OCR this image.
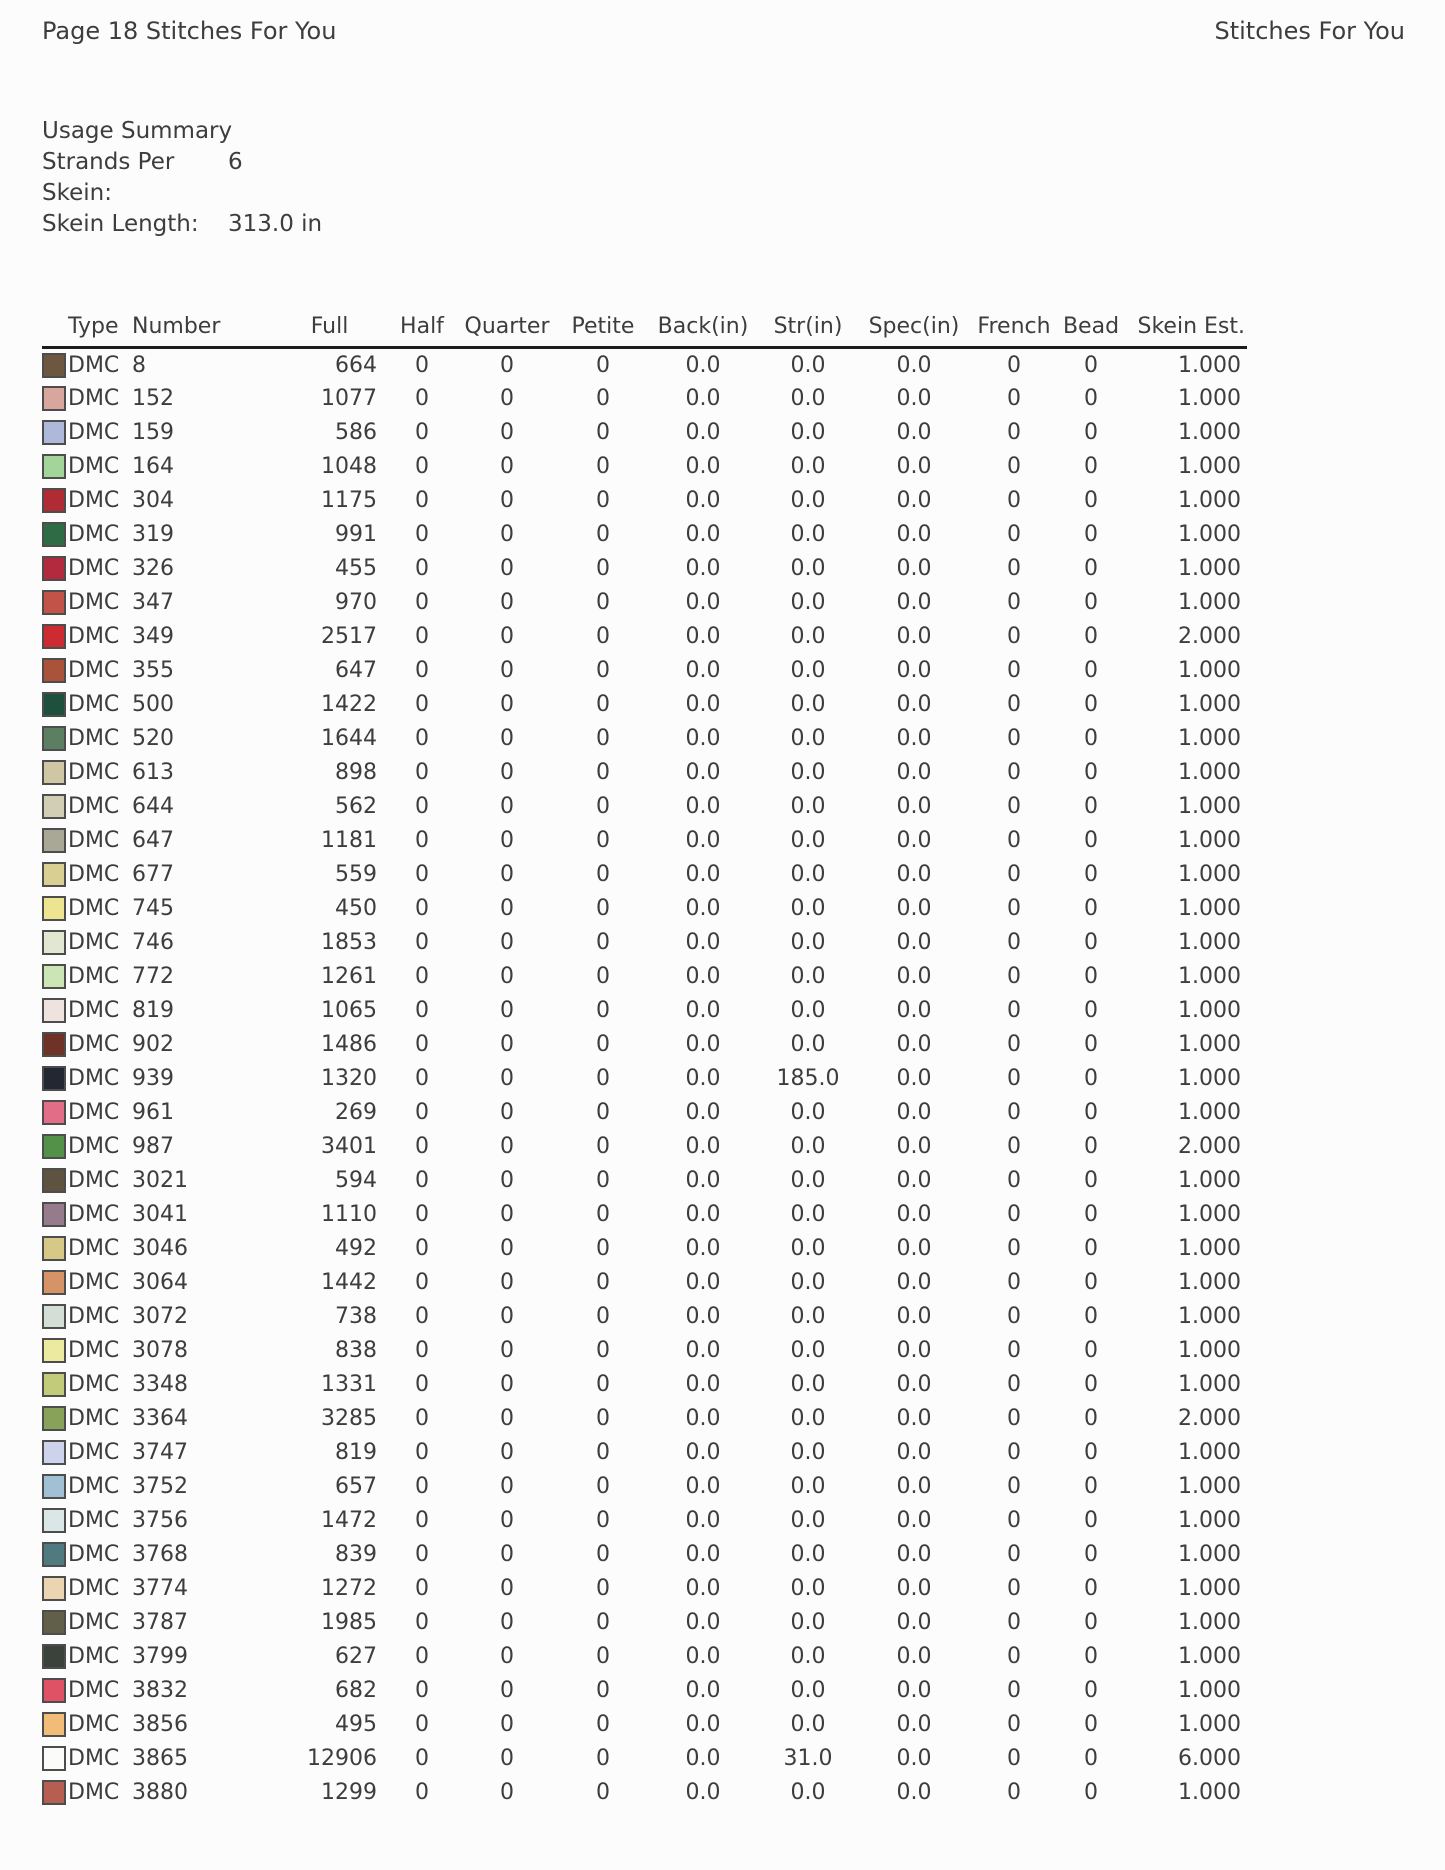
Page 18 Stitches For You	Stitches For You
Usage Summary
Strands Per Skein:
6
Skein Length:	313.0 in
	Type	Number	Full	Half	Quarter	Petite	Back(in)	Str(in)	Spec(in)	French	Bead	Skein Est.

	DMC	8	664	0	0	0	0.0	0.0	0.0	0	0	1.000

	DMC	152	1077	0	0	0	0.0	0.0	0.0	0	0	1.000

	DMC	159	586	0	0	0	0.0	0.0	0.0	0	0	1.000

	DMC	164	1048	0	0	0	0.0	0.0	0.0	0	0	1.000

	DMC	304	1175	0	0	0	0.0	0.0	0.0	0	0	1.000

	DMC	319	991	0	0	0	0.0	0.0	0.0	0	0	1.000

	DMC	326	455	0	0	0	0.0	0.0	0.0	0	0	1.000

	DMC	347	970	0	0	0	0.0	0.0	0.0	0	0	1.000

	DMC	349	2517	0	0	0	0.0	0.0	0.0	0	0	2.000

	DMC	355	647	0	0	0	0.0	0.0	0.0	0	0	1.000

	DMC	500	1422	0	0	0	0.0	0.0	0.0	0	0	1.000

	DMC	520	1644	0	0	0	0.0	0.0	0.0	0	0	1.000

	DMC	613	898	0	0	0	0.0	0.0	0.0	0	0	1.000

	DMC	644	562	0	0	0	0.0	0.0	0.0	0	0	1.000

	DMC	647	1181	0	0	0	0.0	0.0	0.0	0	0	1.000

	DMC	677	559	0	0	0	0.0	0.0	0.0	0	0	1.000

	DMC	745	450	0	0	0	0.0	0.0	0.0	0	0	1.000

	DMC	746	1853	0	0	0	0.0	0.0	0.0	0	0	1.000

	DMC	772	1261	0	0	0	0.0	0.0	0.0	0	0	1.000

	DMC	819	1065	0	0	0	0.0	0.0	0.0	0	0	1.000

	DMC	902	1486	0	0	0	0.0	0.0	0.0	0	0	1.000

	DMC	939	1320	0	0	0	0.0	185.0	0.0	0	0	1.000

	DMC	961	269	0	0	0	0.0	0.0	0.0	0	0	1.000

	DMC	987	3401	0	0	0	0.0	0.0	0.0	0	0	2.000

	DMC	3021	594	0	0	0	0.0	0.0	0.0	0	0	1.000

	DMC	3041	1110	0	0	0	0.0	0.0	0.0	0	0	1.000

	DMC	3046	492	0	0	0	0.0	0.0	0.0	0	0	1.000

	DMC	3064	1442	0	0	0	0.0	0.0	0.0	0	0	1.000

	DMC	3072	738	0	0	0	0.0	0.0	0.0	0	0	1.000

	DMC	3078	838	0	0	0	0.0	0.0	0.0	0	0	1.000

	DMC	3348	1331	0	0	0	0.0	0.0	0.0	0	0	1.000

	DMC	3364	3285	0	0	0	0.0	0.0	0.0	0	0	2.000

	DMC	3747	819	0	0	0	0.0	0.0	0.0	0	0	1.000

	DMC	3752	657	0	0	0	0.0	0.0	0.0	0	0	1.000

	DMC	3756	1472	0	0	0	0.0	0.0	0.0	0	0	1.000

	DMC	3768	839	0	0	0	0.0	0.0	0.0	0	0	1.000

	DMC	3774	1272	0	0	0	0.0	0.0	0.0	0	0	1.000

	DMC	3787	1985	0	0	0	0.0	0.0	0.0	0	0	1.000

	DMC	3799	627	0	0	0	0.0	0.0	0.0	0	0	1.000

	DMC	3832	682	0	0	0	0.0	0.0	0.0	0	0	1.000

	DMC	3856	495	0	0	0	0.0	0.0	0.0	0	0	1.000

	DMC	3865	12906	0	0	0	0.0	31.0	0.0	0	0	6.000

	DMC	3880	1299	0	0	0	0.0	0.0	0.0	0	0	1.000
